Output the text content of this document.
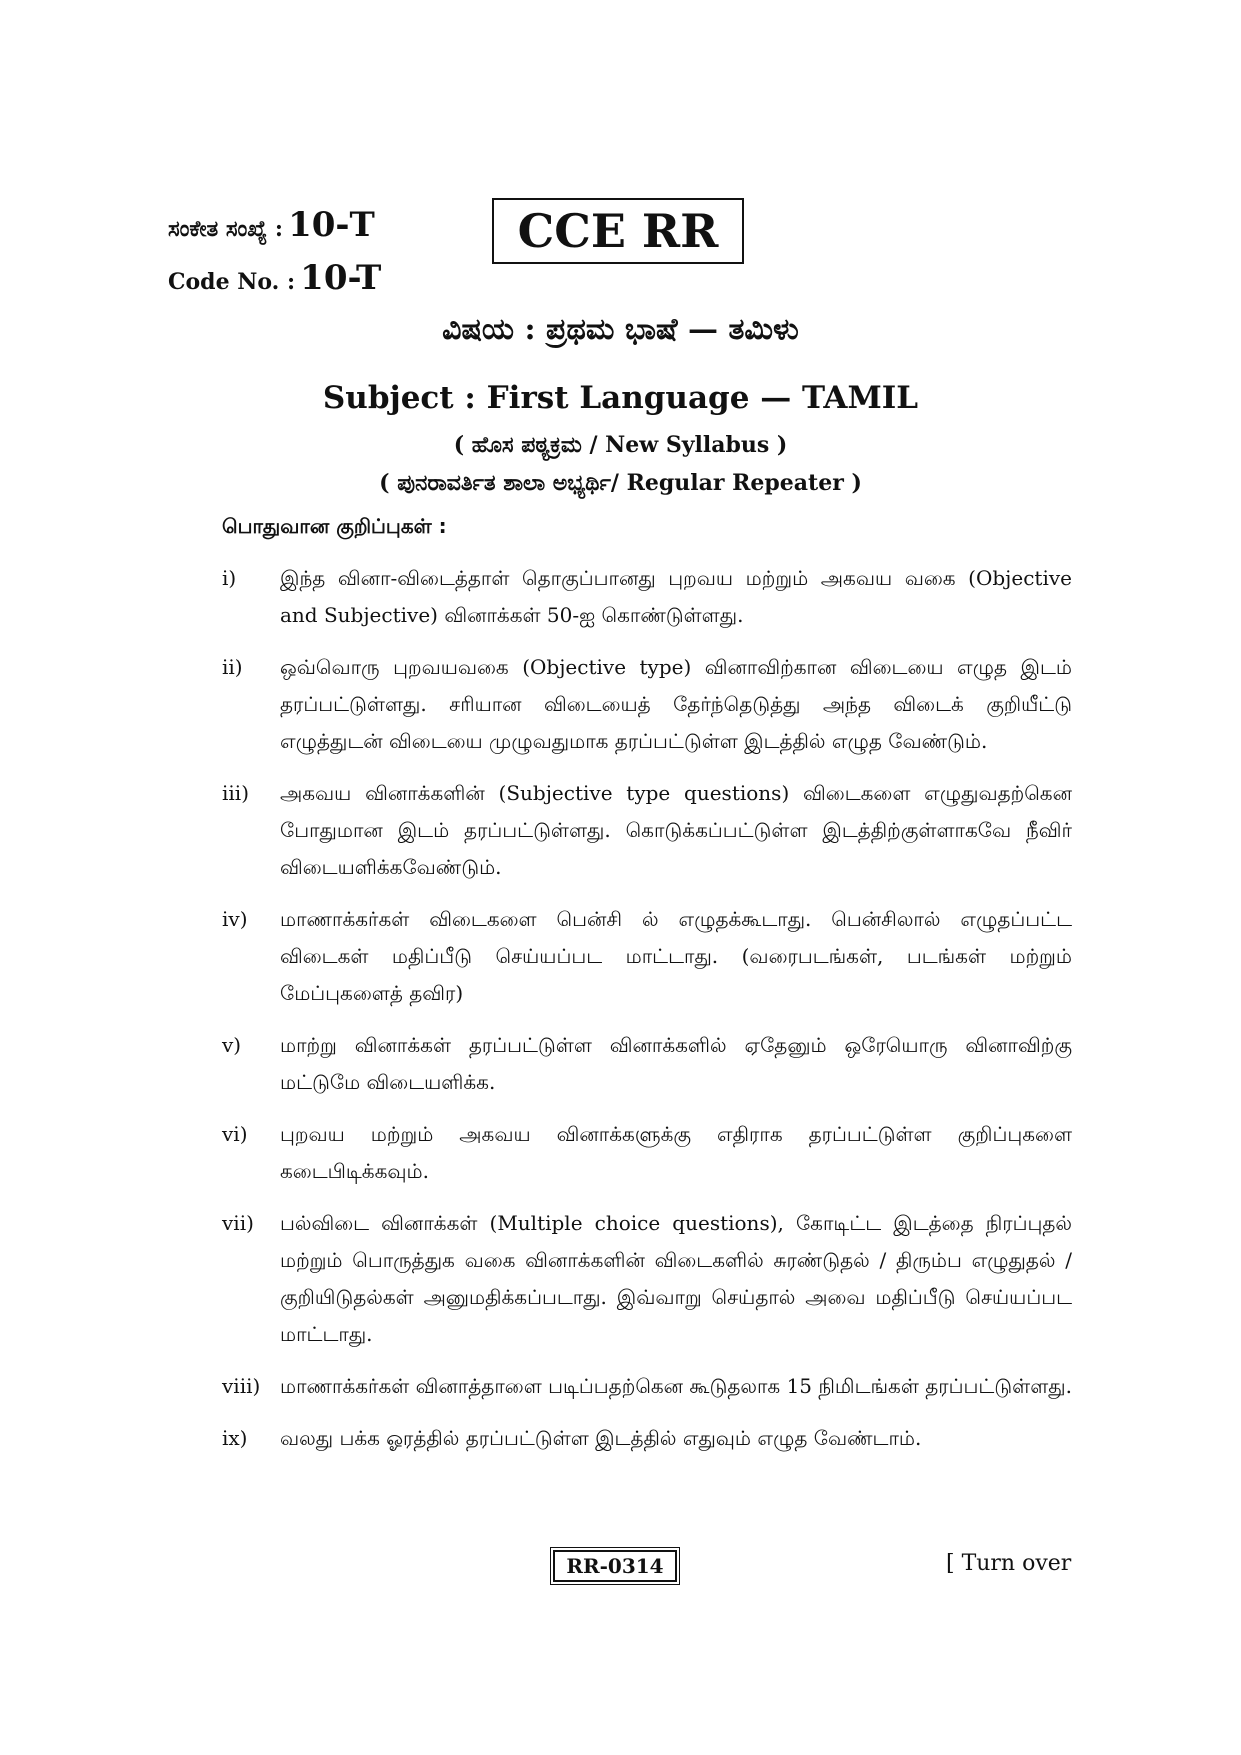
ಸಂಕೇತ ಸಂಖ್ಯೆ : 10-T
Code No. : 10-T
CCE RR
ವಿಷಯ : ಪ್ರಥಮ ಭಾಷೆ — ತಮಿಳು
Subject : First Language — TAMIL
( ಹೊಸ ಪಠ್ಯಕ್ರಮ / New Syllabus )
( ಪುನರಾವರ್ತಿತ ಶಾಲಾ ಅಭ್ಯರ್ಥಿ/ Regular Repeater )
பொதுவான குறிப்புகள் :
i) இந்த வினா-விடைத்தாள் தொகுப்பானது புறவய மற்றும் அகவய வகை (Objective and Subjective) வினாக்கள் 50-ஐ கொண்டுள்ளது.
ii) ஒவ்வொரு புறவயவகை (Objective type) வினாவிற்கான விடையை எழுத இடம் தரப்பட்டுள்ளது. சரியான விடையைத் தேர்ந்தெடுத்து அந்த விடைக் குறியீட்டு எழுத்துடன் விடையை முழுவதுமாக தரப்பட்டுள்ள இடத்தில் எழுத வேண்டும்.
iii) அகவய வினாக்களின் (Subjective type questions) விடைகளை எழுதுவதற்கென போதுமான இடம் தரப்பட்டுள்ளது. கொடுக்கப்பட்டுள்ள இடத்திற்குள்ளாகவே நீவிர் விடையளிக்கவேண்டும்.
iv) மாணாக்கர்கள் விடைகளை பென்சி ல் எழுதக்கூடாது. பென்சிலால் எழுதப்பட்ட விடைகள் மதிப்பீடு செய்யப்பட மாட்டாது. (வரைபடங்கள், படங்கள் மற்றும் மேப்புகளைத் தவிர)
v) மாற்று வினாக்கள் தரப்பட்டுள்ள வினாக்களில் ஏதேனும் ஒரேயொரு வினாவிற்கு மட்டுமே விடையளிக்க.
vi) புறவய மற்றும் அகவய வினாக்களுக்கு எதிராக தரப்பட்டுள்ள குறிப்புகளை கடைபிடிக்கவும்.
vii) பல்விடை வினாக்கள் (Multiple choice questions), கோடிட்ட இடத்தை நிரப்புதல் மற்றும் பொருத்துக வகை வினாக்களின் விடைகளில் சுரண்டுதல் / திரும்ப எழுதுதல் / குறியிடுதல்கள் அனுமதிக்கப்படாது. இவ்வாறு செய்தால் அவை மதிப்பீடு செய்யப்பட மாட்டாது.
viii) மாணாக்கர்கள் வினாத்தாளை படிப்பதற்கென கூடுதலாக 15 நிமிடங்கள் தரப்பட்டுள்ளது.
ix) வலது பக்க ஓரத்தில் தரப்பட்டுள்ள இடத்தில் எதுவும் எழுத வேண்டாம்.
RR-0314	[ Turn over
